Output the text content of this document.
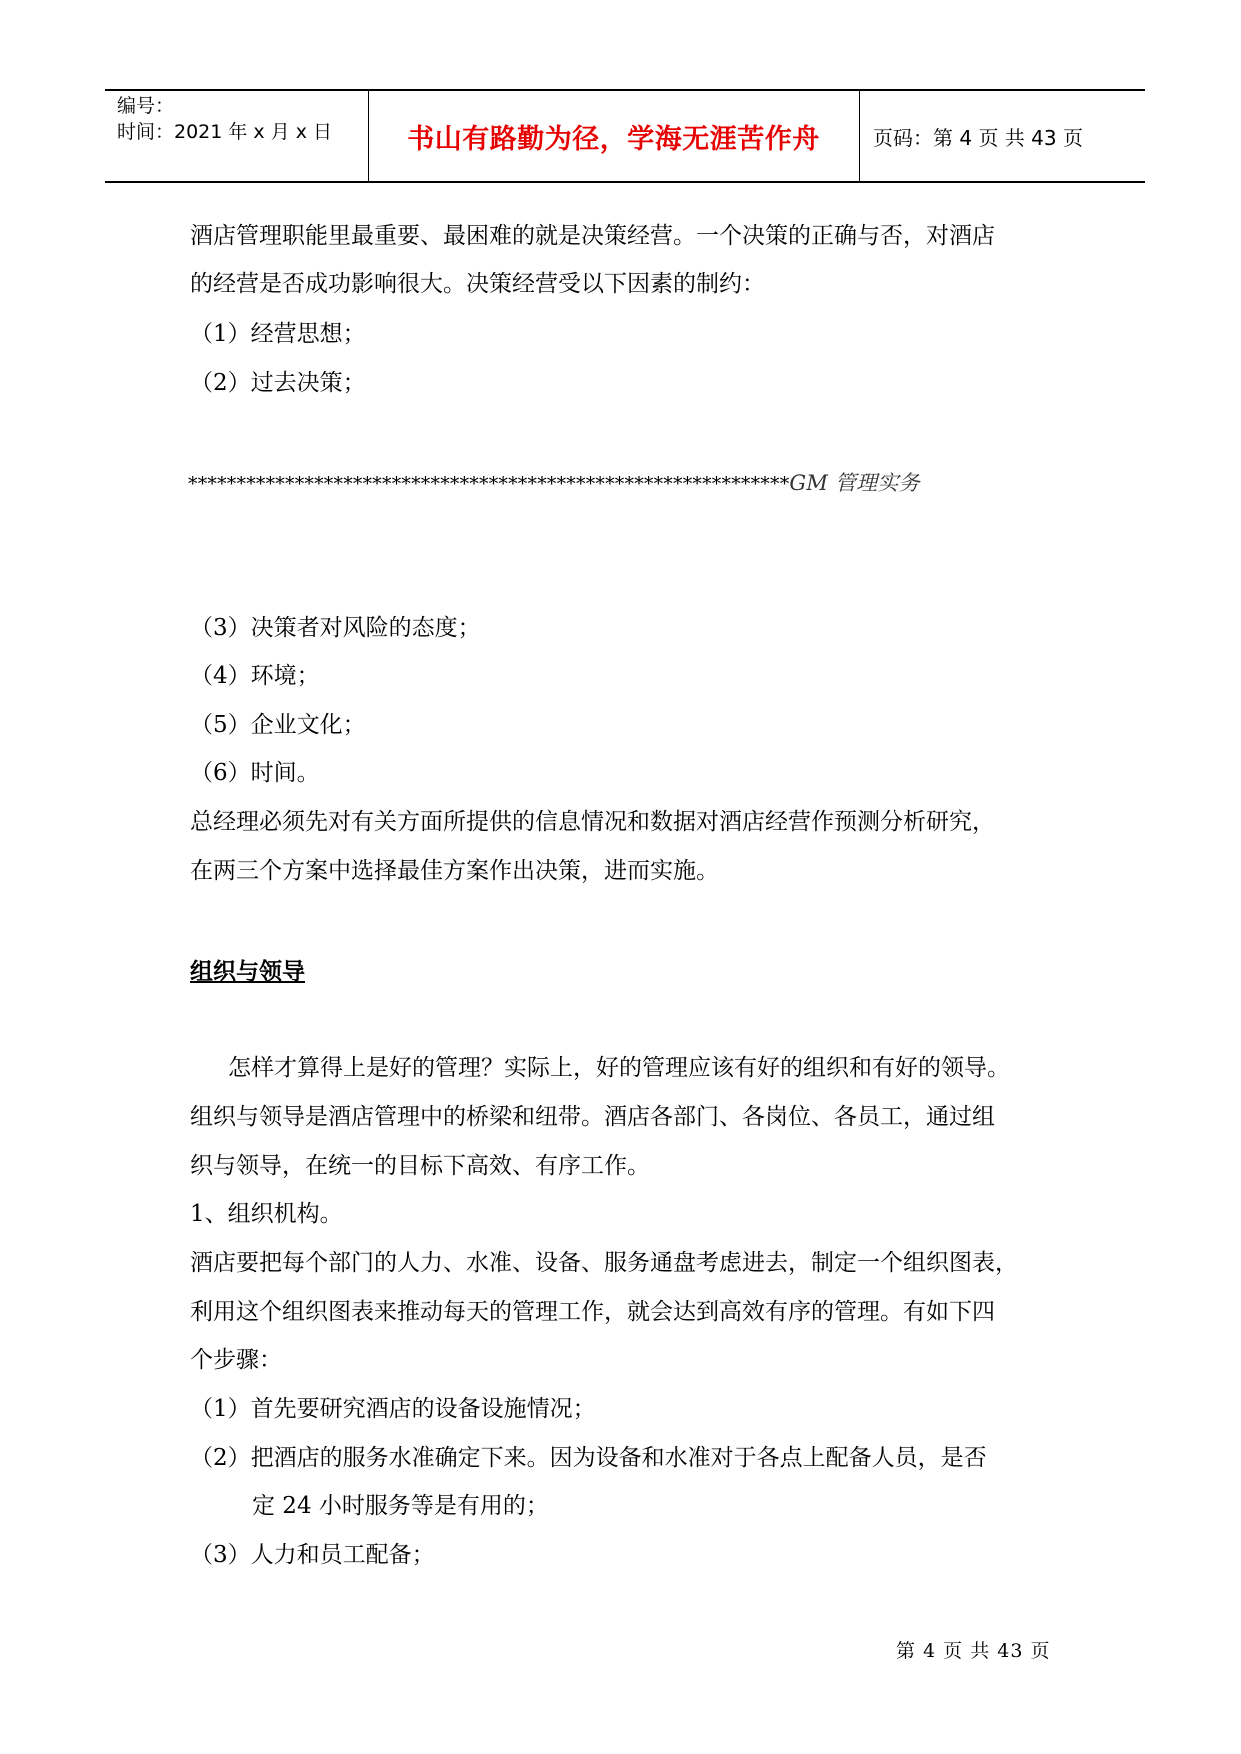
编号：
时间：2021 年 x 月 x 日	书山有路勤为径，学海无涯苦作舟	页码：第 4 页 共 43 页
酒店管理职能里最重要、最困难的就是决策经营。一个决策的正确与否，对酒店
的经营是否成功影响很大。决策经营受以下因素的制约：
（1）经营思想；
（2）过去决策；
**************************************************************GM 管理实务
（3）决策者对风险的态度；
（4）环境；
（5）企业文化；
（6）时间。
总经理必须先对有关方面所提供的信息情况和数据对酒店经营作预测分析研究，
在两三个方案中选择最佳方案作出决策，进而实施。
组织与领导
怎样才算得上是好的管理？实际上，好的管理应该有好的组织和有好的领导。
组织与领导是酒店管理中的桥梁和纽带。酒店各部门、各岗位、各员工，通过组
织与领导，在统一的目标下高效、有序工作。
1、组织机构。
酒店要把每个部门的人力、水准、设备、服务通盘考虑进去，制定一个组织图表，
利用这个组织图表来推动每天的管理工作，就会达到高效有序的管理。有如下四
个步骤：
（1）首先要研究酒店的设备设施情况；
（2）把酒店的服务水准确定下来。因为设备和水准对于各点上配备人员，是否
定 24 小时服务等是有用的；
（3）人力和员工配备；
第 4 页 共 43 页
